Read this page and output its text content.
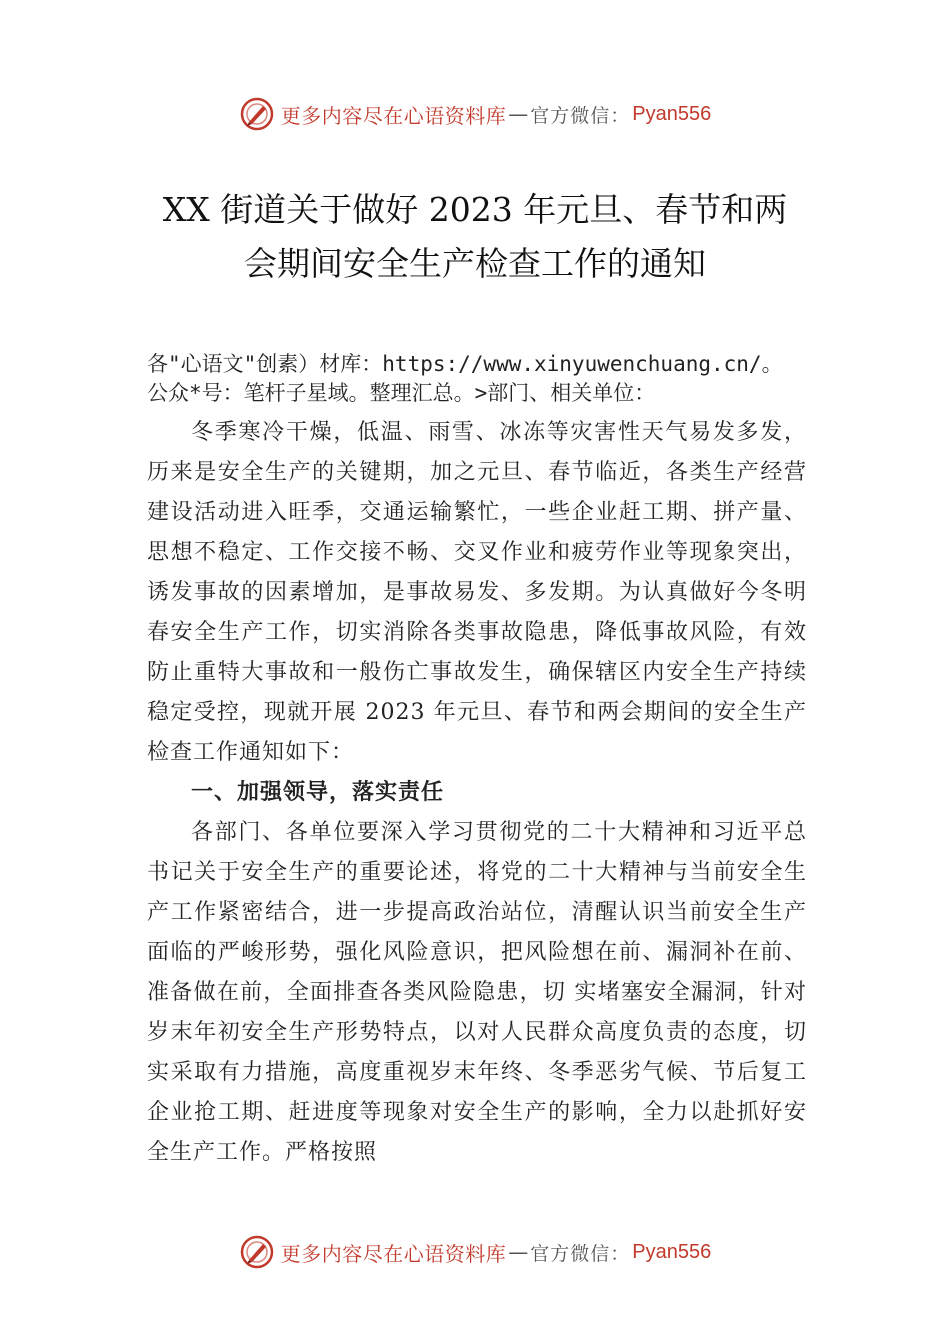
更多内容尽在心语资料库 — 官方微信： Pyan556
XX 街道关于做好 2023 年元旦、春节和两
会期间安全生产检查工作的通知
各"心语文"创素）材库：https://www.xinyuwenchuang.cn/。
公众*号：笔杆子星域。整理汇总。>部门、相关单位：

冬季寒冷干燥，低温、雨雪、冰冻等灾害性天气易发多发，历来是安全生产的关键期，加之元旦、春节临近，各类生产经营建设活动进入旺季，交通运输繁忙，一些企业赶工期、拼产量、思想不稳定、工作交接不畅、交叉作业和疲劳作业等现象突出，诱发事故的因素增加，是事故易发、多发期。为认真做好今冬明春安全生产工作，切实消除各类事故隐患，降低事故风险，有效防止重特大事故和一般伤亡事故发生，确保辖区内安全生产持续稳定受控，现就开展 2023 年元旦、春节和两会期间的安全生产检查工作通知如下：

一、加强领导，落实责任

各部门、各单位要深入学习贯彻党的二十大精神和习近平总书记关于安全生产的重要论述，将党的二十大精神与当前安全生产工作紧密结合，进一步提高政治站位，清醒认识当前安全生产面临的严峻形势，强化风险意识，把风险想在前、漏洞补在前、准备做在前，全面排查各类风险隐患，切 实堵塞安全漏洞，针对岁末年初安全生产形势特点，以对人民群众高度负责的态度，切实采取有力措施，高度重视岁末年终、冬季恶劣气候、节后复工企业抢工期、赶进度等现象对安全生产的影响，全力以赴抓好安全生产工作。严格按照

更多内容尽在心语资料库 — 官方微信： Pyan556
